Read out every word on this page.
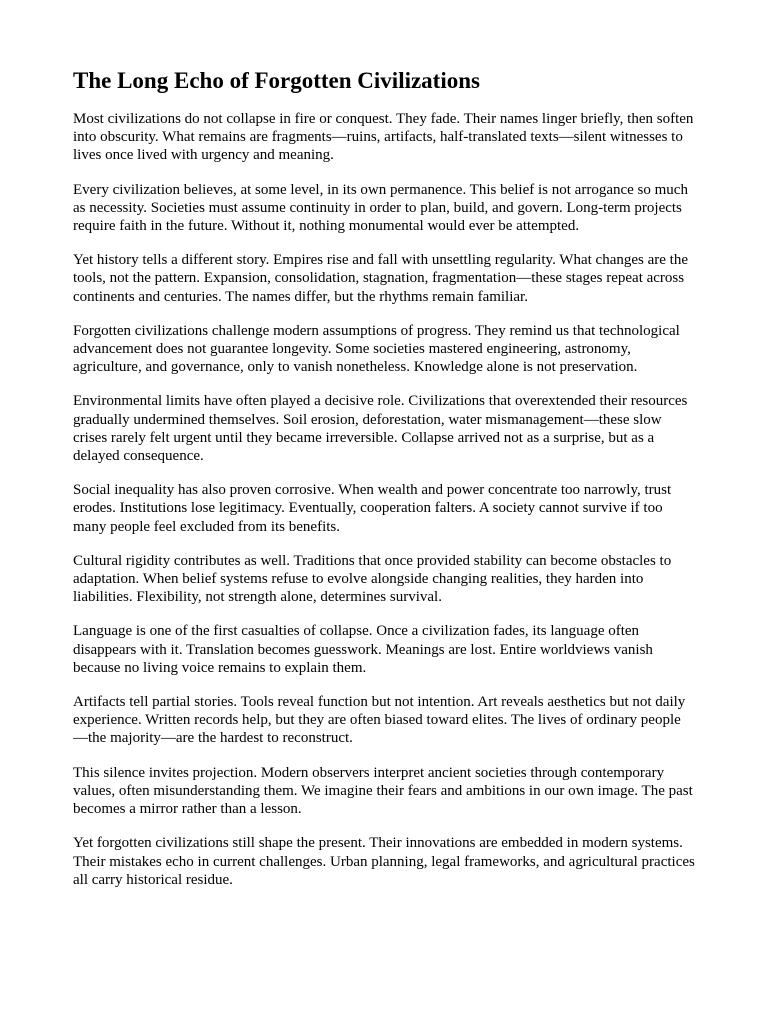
The Long Echo of Forgotten Civilizations

Most civilizations do not collapse in fire or conquest. They fade. Their names linger briefly, then soften into obscurity. What remains are fragments—ruins, artifacts, half-translated texts—silent witnesses to lives once lived with urgency and meaning.

Every civilization believes, at some level, in its own permanence. This belief is not arrogance so much as necessity. Societies must assume continuity in order to plan, build, and govern. Long-term projects require faith in the future. Without it, nothing monumental would ever be attempted.

Yet history tells a different story. Empires rise and fall with unsettling regularity. What changes are the tools, not the pattern. Expansion, consolidation, stagnation, fragmentation—these stages repeat across continents and centuries. The names differ, but the rhythms remain familiar.

Forgotten civilizations challenge modern assumptions of progress. They remind us that technological advancement does not guarantee longevity. Some societies mastered engineering, astronomy, agriculture, and governance, only to vanish nonetheless. Knowledge alone is not preservation.

Environmental limits have often played a decisive role. Civilizations that overextended their resources gradually undermined themselves. Soil erosion, deforestation, water mismanagement—these slow crises rarely felt urgent until they became irreversible. Collapse arrived not as a surprise, but as a delayed consequence.

Social inequality has also proven corrosive. When wealth and power concentrate too narrowly, trust erodes. Institutions lose legitimacy. Eventually, cooperation falters. A society cannot survive if too many people feel excluded from its benefits.

Cultural rigidity contributes as well. Traditions that once provided stability can become obstacles to adaptation. When belief systems refuse to evolve alongside changing realities, they harden into liabilities. Flexibility, not strength alone, determines survival.

Language is one of the first casualties of collapse. Once a civilization fades, its language often disappears with it. Translation becomes guesswork. Meanings are lost. Entire worldviews vanish because no living voice remains to explain them.

Artifacts tell partial stories. Tools reveal function but not intention. Art reveals aesthetics but not daily experience. Written records help, but they are often biased toward elites. The lives of ordinary people—the majority—are the hardest to reconstruct.

This silence invites projection. Modern observers interpret ancient societies through contemporary values, often misunderstanding them. We imagine their fears and ambitions in our own image. The past becomes a mirror rather than a lesson.

Yet forgotten civilizations still shape the present. Their innovations are embedded in modern systems. Their mistakes echo in current challenges. Urban planning, legal frameworks, and agricultural practices all carry historical residue.
